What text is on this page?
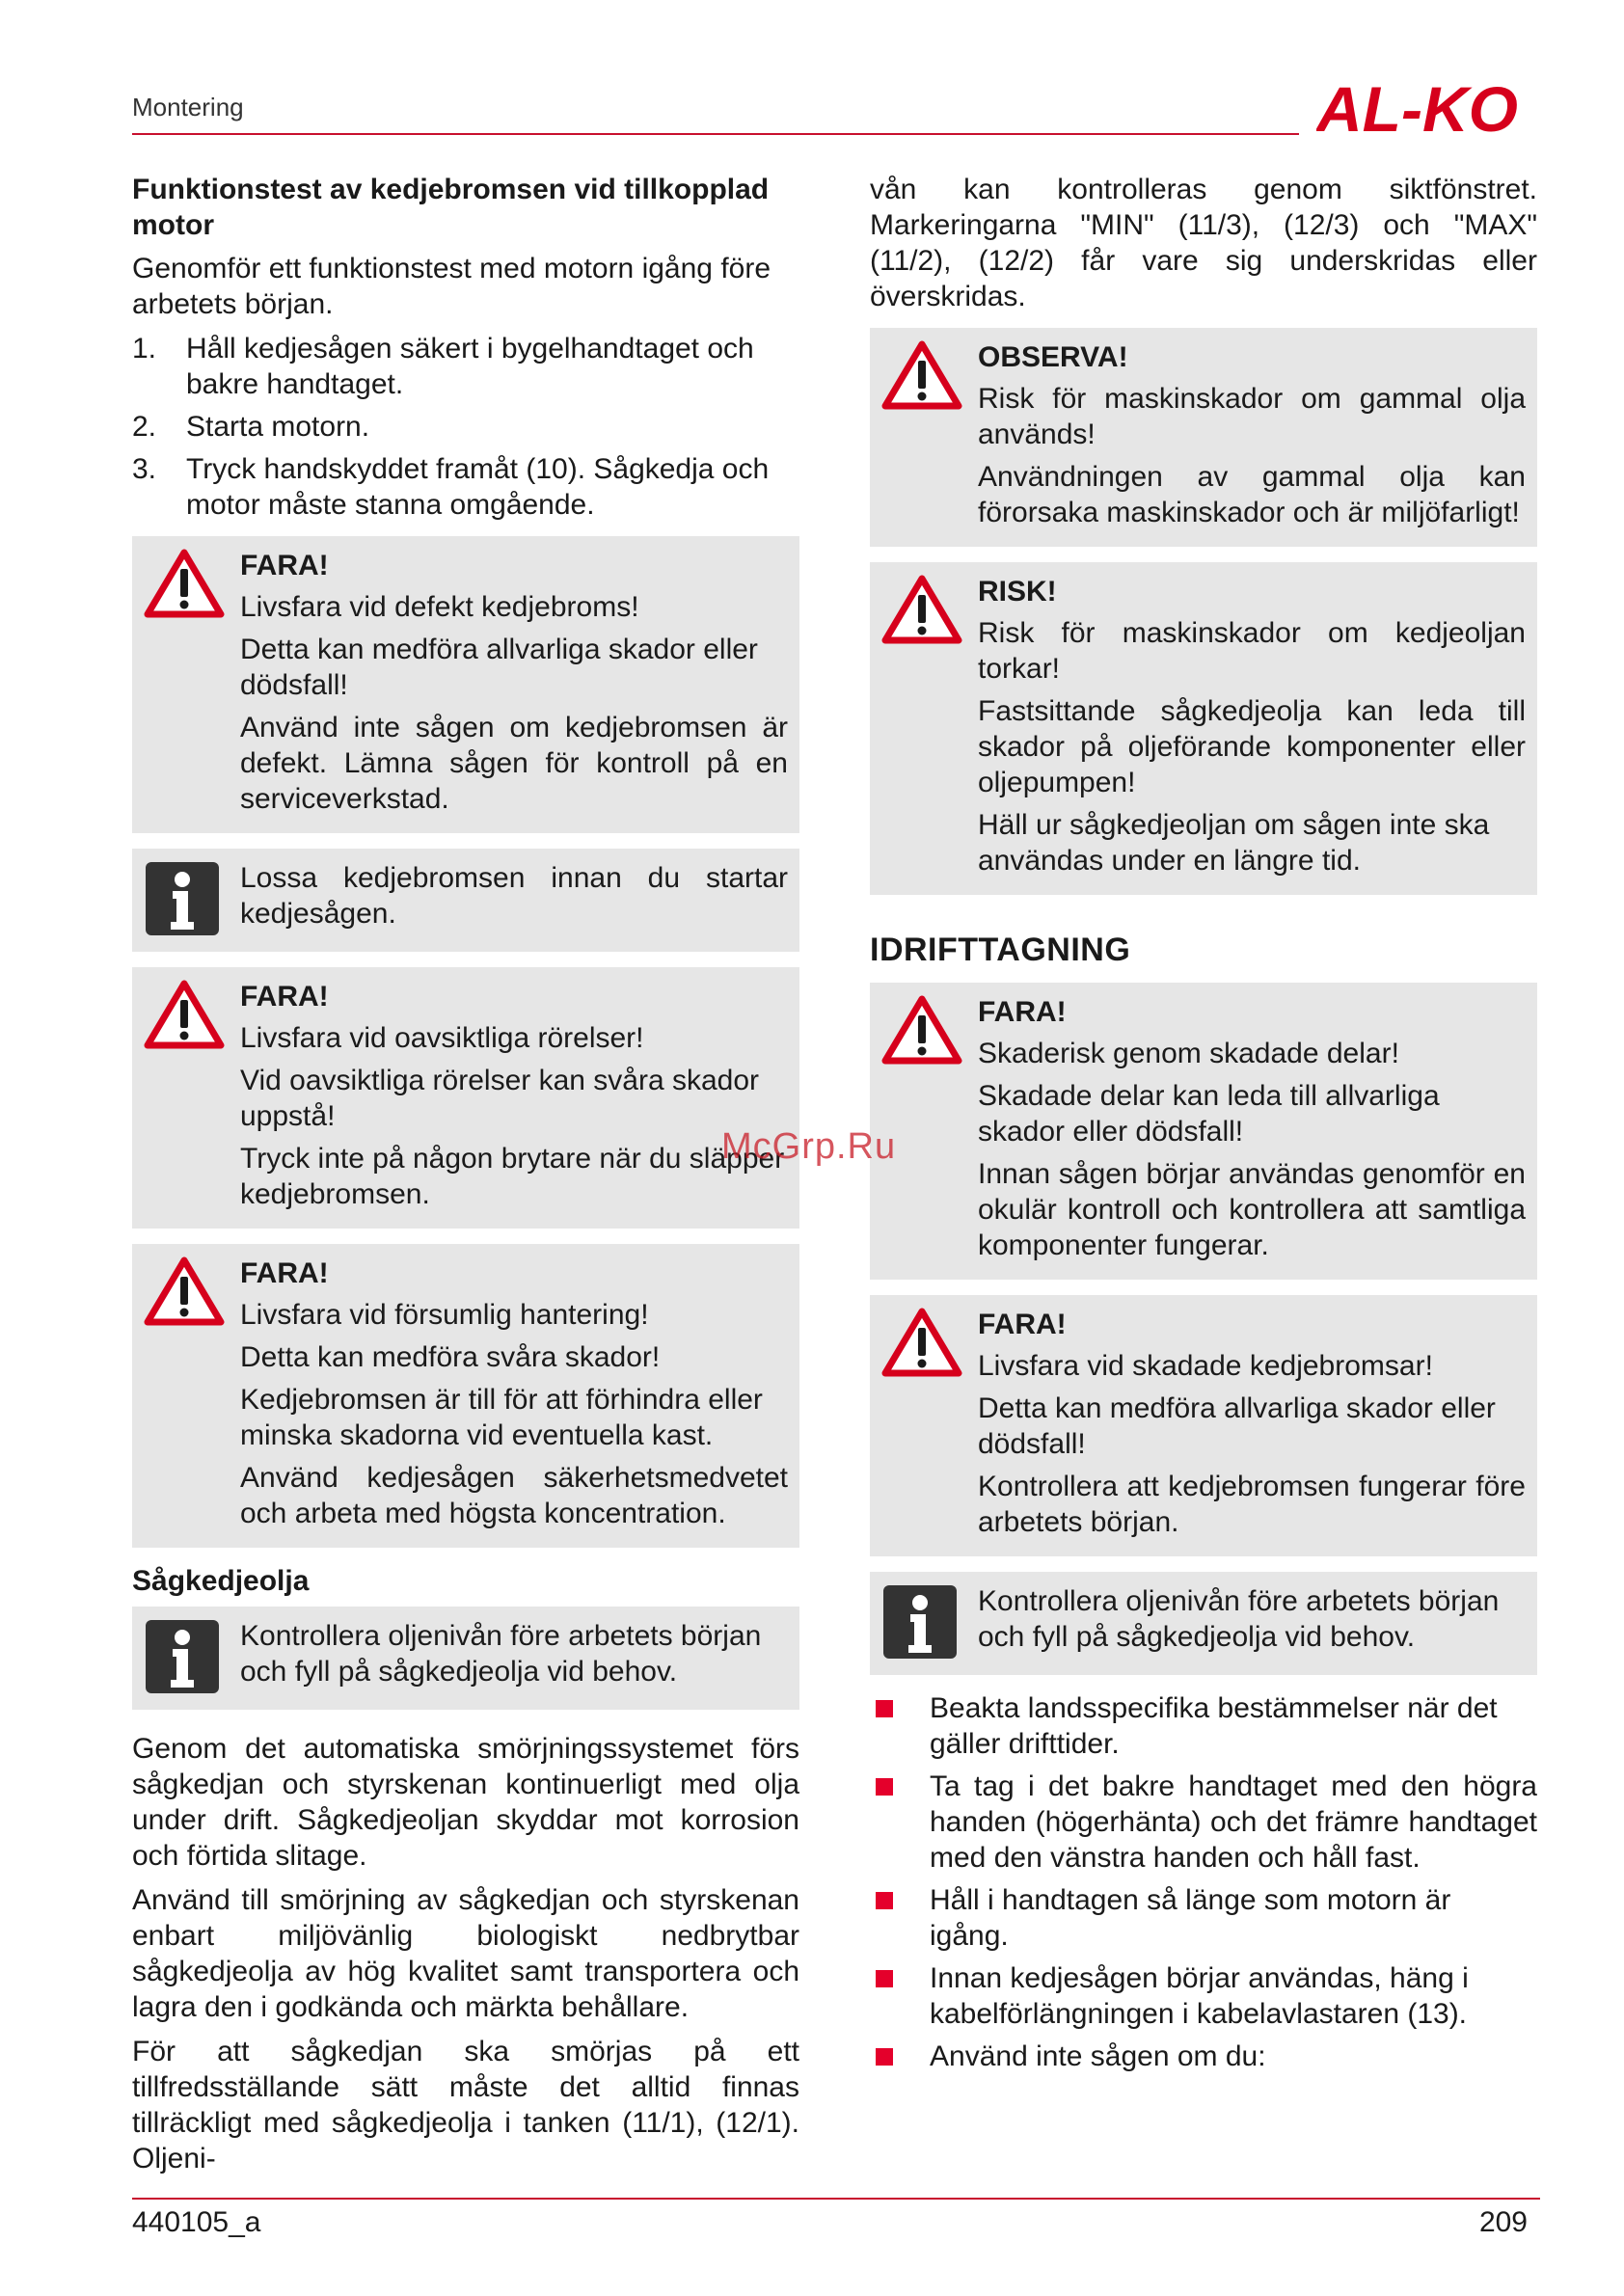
Montering	AL-KO
Funktionstest av kedjebromsen vid tillkopplad motor

Genomför ett funktionstest med motorn igång före arbetets början.

1.	Håll kedjesågen säkert i bygelhandtaget och bakre handtaget.
2.	Starta motorn.
3.	Tryck handskyddet framåt (10). Sågkedja och motor måste stanna omgående.
FARA!

Livsfara vid defekt kedjebroms!

Detta kan medföra allvarliga skador eller dödsfall!

Använd inte sågen om kedjebromsen är defekt. Lämna sågen för kontroll på en serviceverkstad.

Lossa kedjebromsen innan du startar kedjesågen.

FARA!

Livsfara vid oavsiktliga rörelser!

Vid oavsiktliga rörelser kan svåra skador uppstå!

Tryck inte på någon brytare när du släpper kedjebromsen.

FARA!

Livsfara vid försumlig hantering!

Detta kan medföra svåra skador!

Kedjebromsen är till för att förhindra eller minska skadorna vid eventuella kast.

Använd kedjesågen säkerhetsmedvetet och arbeta med högsta koncentration.

Sågkedjeolja

Kontrollera oljenivån före arbetets början och fyll på sågkedjeolja vid behov.

Genom det automatiska smörjningssystemet förs sågkedjan och styrskenan kontinuerligt med olja under drift. Sågkedjeoljan skyddar mot korrosion och förtida slitage.

Använd till smörjning av sågkedjan och styrskenan enbart miljövänlig biologiskt nedbrytbar sågkedjeolja av hög kvalitet samt transportera och lagra den i godkända och märkta behållare.

För att sågkedjan ska smörjas på ett tillfredsställande sätt måste det alltid finnas tillräckligt med sågkedjeolja i tanken (11/1), (12/1). Oljeni-

vån kan kontrolleras genom siktfönstret. Markeringarna "MIN" (11/3), (12/3) och "MAX" (11/2), (12/2) får vare sig underskridas eller överskridas.

OBSERVA!

Risk för maskinskador om gammal olja används!

Användningen av gammal olja kan förorsaka maskinskador och är miljöfarligt!

RISK!

Risk för maskinskador om kedjeoljan torkar!

Fastsittande sågkedjeolja kan leda till skador på oljeförande komponenter eller oljepumpen!

Häll ur sågkedjeoljan om sågen inte ska användas under en längre tid.

IDRIFTTAGNING
FARA!

Skaderisk genom skadade delar!

Skadade delar kan leda till allvarliga skador eller dödsfall!

Innan sågen börjar användas genomför en okulär kontroll och kontrollera att samtliga komponenter fungerar.

FARA!

Livsfara vid skadade kedjebromsar!

Detta kan medföra allvarliga skador eller dödsfall!

Kontrollera att kedjebromsen fungerar före arbetets början.

Kontrollera oljenivån före arbetets början och fyll på sågkedjeolja vid behov.

Beakta landsspecifika bestämmelser när det gäller drifttider.
Ta tag i det bakre handtaget med den högra handen (högerhänta) och det främre handtaget med den vänstra handen och håll fast.
Håll i handtagen så länge som motorn är igång.
Innan kedjesågen börjar användas, häng i kabelförlängningen i kabelavlastaren (13).
Använd inte sågen om du:
McGrp.Ru
440105_a	209
